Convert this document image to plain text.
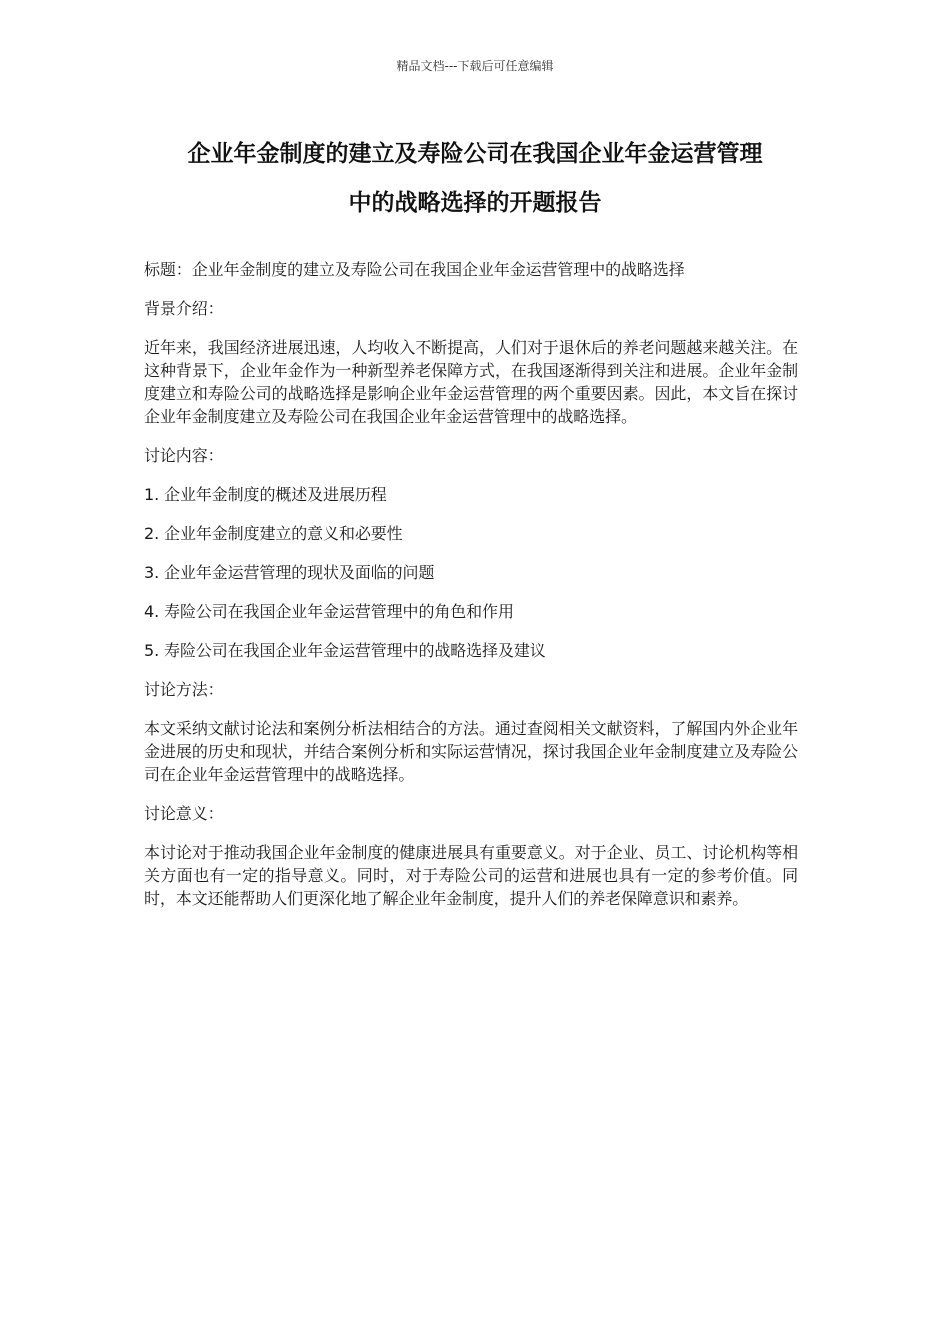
精品文档---下载后可任意编辑
企业年金制度的建立及寿险公司在我国企业年金运营管理
中的战略选择的开题报告

标题：企业年金制度的建立及寿险公司在我国企业年金运营管理中的战略选择

背景介绍：

近年来，我国经济进展迅速，人均收入不断提高，人们对于退休后的养老问题越来越关注。在这种背景下，企业年金作为一种新型养老保障方式，在我国逐渐得到关注和进展。企业年金制度建立和寿险公司的战略选择是影响企业年金运营管理的两个重要因素。因此，本文旨在探讨企业年金制度建立及寿险公司在我国企业年金运营管理中的战略选择。

讨论内容：

1. 企业年金制度的概述及进展历程

2. 企业年金制度建立的意义和必要性

3. 企业年金运营管理的现状及面临的问题

4. 寿险公司在我国企业年金运营管理中的角色和作用

5. 寿险公司在我国企业年金运营管理中的战略选择及建议

讨论方法：

本文采纳文献讨论法和案例分析法相结合的方法。通过查阅相关文献资料，了解国内外企业年金进展的历史和现状，并结合案例分析和实际运营情况，探讨我国企业年金制度建立及寿险公司在企业年金运营管理中的战略选择。

讨论意义：

本讨论对于推动我国企业年金制度的健康进展具有重要意义。对于企业、员工、讨论机构等相关方面也有一定的指导意义。同时，对于寿险公司的运营和进展也具有一定的参考价值。同时，本文还能帮助人们更深化地了解企业年金制度，提升人们的养老保障意识和素养。
